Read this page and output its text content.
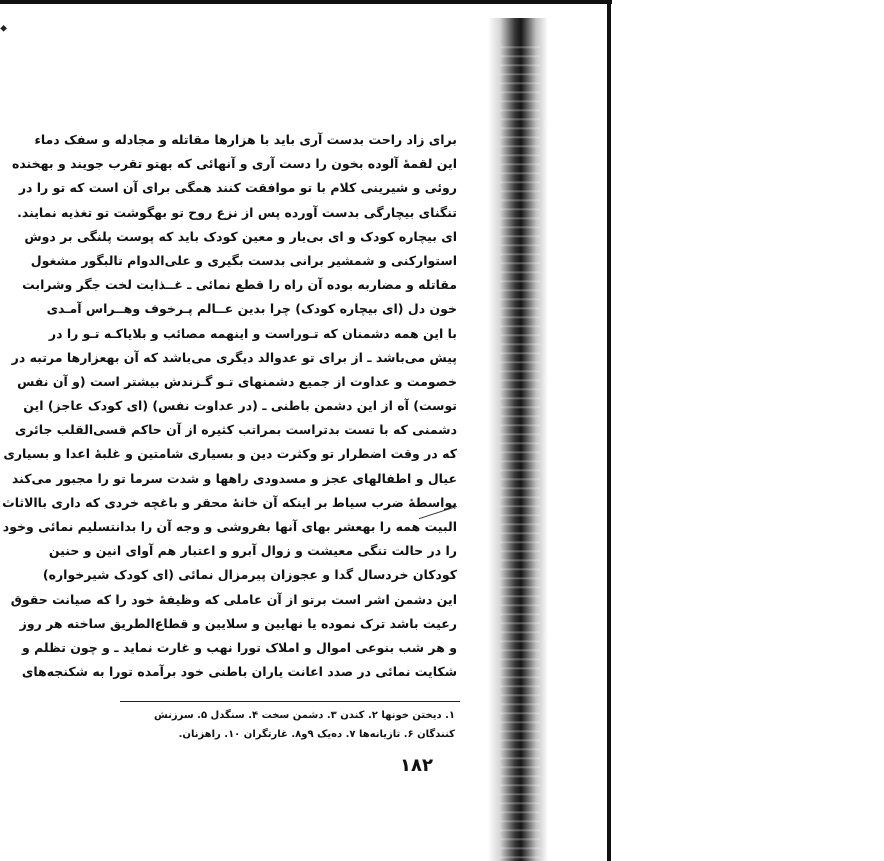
⬩
برای زاد راحت بدست آری باید با هزارها مقاتله و مجادله و سفک دماء
این لقمهٔ آلوده بخون را دست آری و آنهائی که بهتو تقرب جویند و بهخنده
روئی و شیرینی کلام با تو موافقت کنند همگی برای آن است که تو را در
تنگنای بیچارگی بدست آورده پس از نزع روح تو بهگوشت تو تغذیه نمایند.
ای بیچاره کودک و ای بی‌یار و معین کودک باید که پوست پلنگی بر دوش
استوارکنی و شمشیر برانی بدست بگیری و علی‌الدوام تالبگور مشغول
مقاتله و مضاربه بوده آن راه را قطع نمائی ـ غــذایت لخت جگر وشرابت
خون دل (ای بیچاره کودک) چرا بدین عــالم پـرخوف وهــراس آمـدی
با این همه دشمنان که تـوراست و اینهمه مصائب و بلایاکـه تـو را در
پیش می‌باشد ـ از برای تو عدوالد دیگری می‌باشد که آن بهعزارها مرتبه در
خصومت و عداوت از جمیع دشمنهای تـو گـزندش بیشتر است (و آن نفس
توست) آه از این دشمن باطنی ـ (در عداوت نفس) (ای کودک عاجز) این
دشمنی که با تست بدتراست بمراتب کثیره از آن حاکم قسی‌القلب جائری
که در وقت اضطرار تو وکثرت دین و بسیاری شامتین و غلبهٔ اعدا و بسیاری
عیال و اطفالهای عجز و مسدودی راهها و شدت سرما تو را مجبور می‌کند
بواسطهٔ ضرب سیاط بر اینکه آن خانهٔ محقر و باغچه خردی که داری باالاثاث
البیت همه را بهعشر بهای آنها بفروشی و وجه آن را بدانتسلیم نمائی وخود
را در حالت تنگی معیشت و زوال آبرو و اعتبار هم آوای انین و حنین
کودکان خردسال گدا و عجوزان پیرمزال نمائی (ای کودک شیرخواره)
این دشمن اشر است برتو از آن عاملی که وظیفهٔ خود را که صیانت حقوق
رعیت باشد ترک نموده یا نهایین و سلایین و قطاع‌الطریق ساخته هر روز
و هر شب بنوعی اموال و املاک تورا نهب و غارت نماید ـ و چون تظلم و
شکایت نمائی در صدد اعانت یاران باطنی خود برآمده تورا به شکنجه‌های
۱. دیختن خونها ۲. کندن ۳. دشمن سخت ۴. سنگدل ۵. سرزنش
کنندگان ۶. تازیانه‌ها ۷. ده‌یک ۹و۸. غارتگران ۱۰. راهزنان.
۱۸۲
